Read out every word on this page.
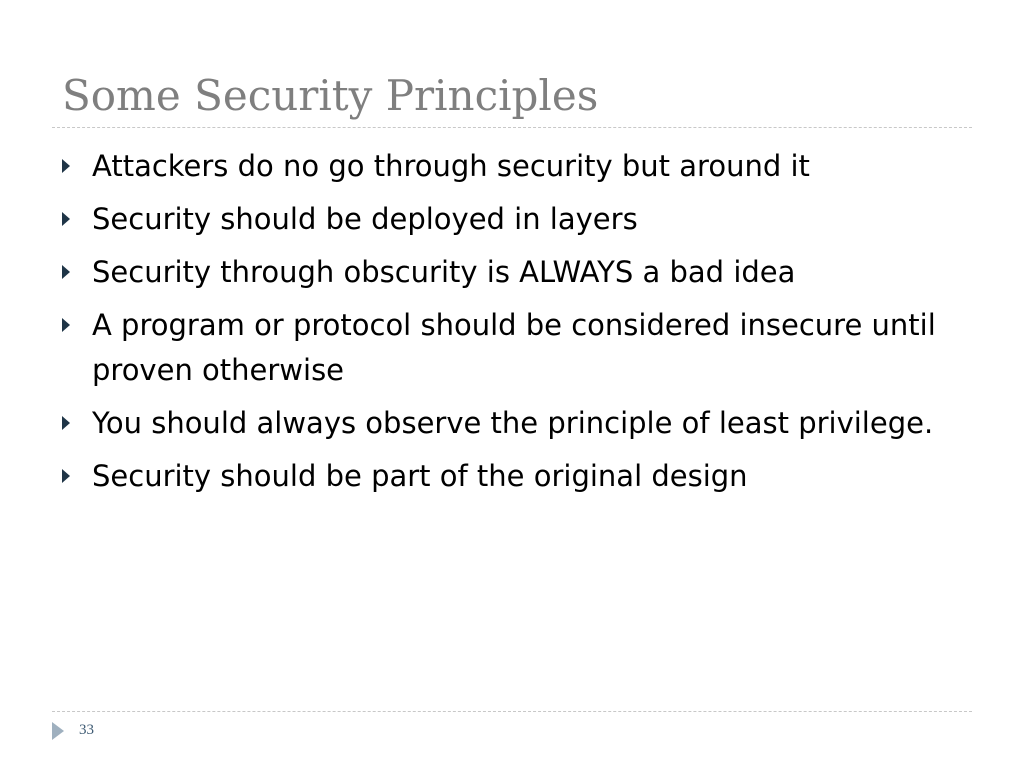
Some Security Principles
Attackers do no go through security but around it
Security should be deployed in layers
Security through obscurity is ALWAYS a bad idea
A program or protocol should be considered insecure until proven otherwise
You should always observe the principle of least privilege.
Security should be part of the original design
33
